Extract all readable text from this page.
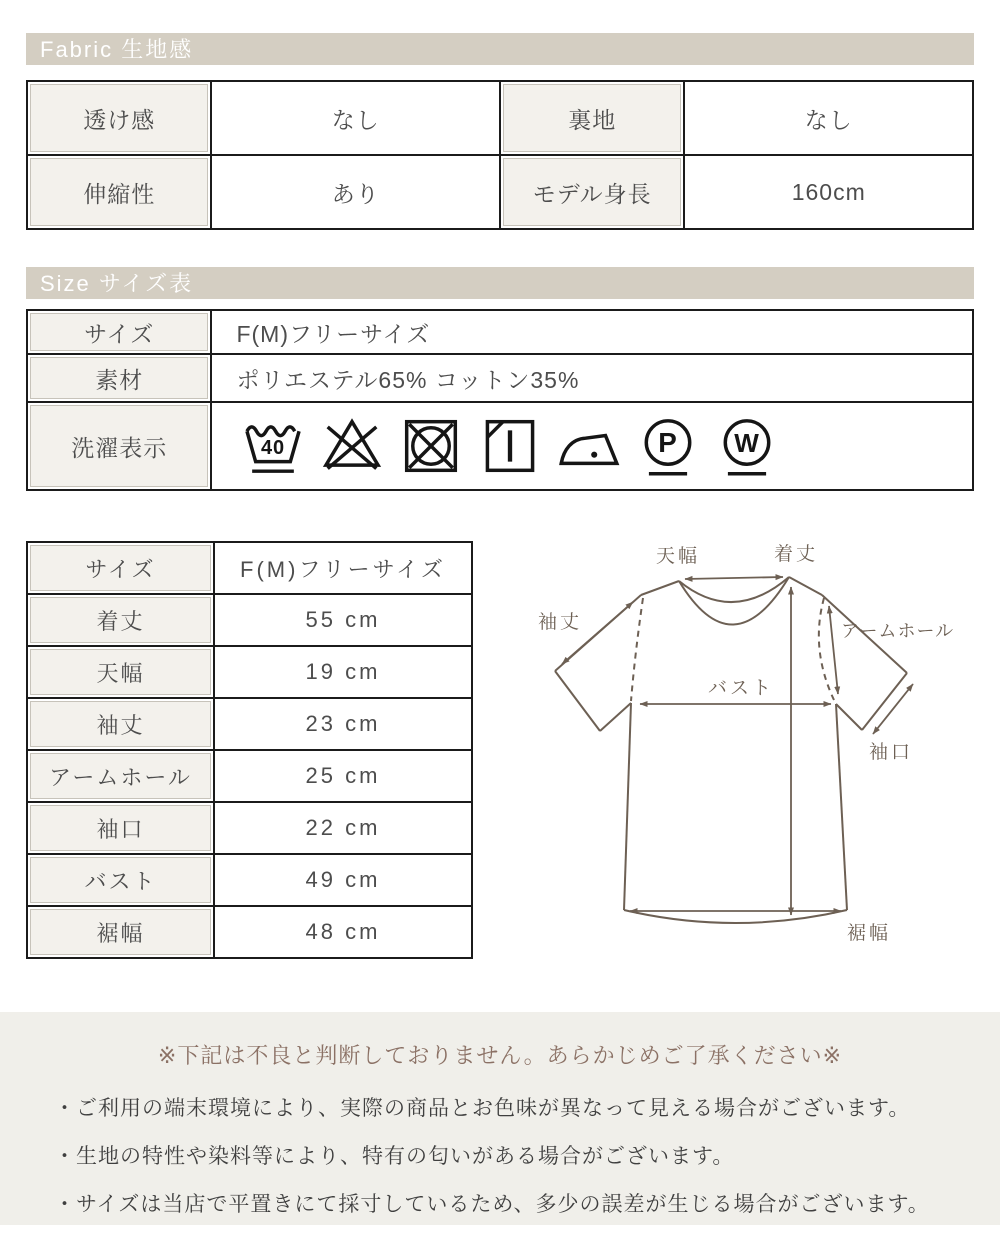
Fabric 生地感
透け感	なし	裏地	なし
伸縮性	あり	モデル身長	160cm
Size サイズ表
サイズ	F(M)フリーサイズ
素材	ポリエステル65% コットン35%
洗濯表示	40 P W
サイズ	F(M)フリーサイズ
着丈	55 cm
天幅	19 cm
袖丈	23 cm
アームホール	25 cm
袖口	22 cm
バスト	49 cm
裾幅	48 cm
天幅	着丈
袖丈	アームホール
バスト
袖口
裾幅
※下記は不良と判断しておりません。あらかじめご了承ください※
・ご利用の端末環境により、実際の商品とお色味が異なって見える場合がございます。
・生地の特性や染料等により、特有の匂いがある場合がございます。
・サイズは当店で平置きにて採寸しているため、多少の誤差が生じる場合がございます。
